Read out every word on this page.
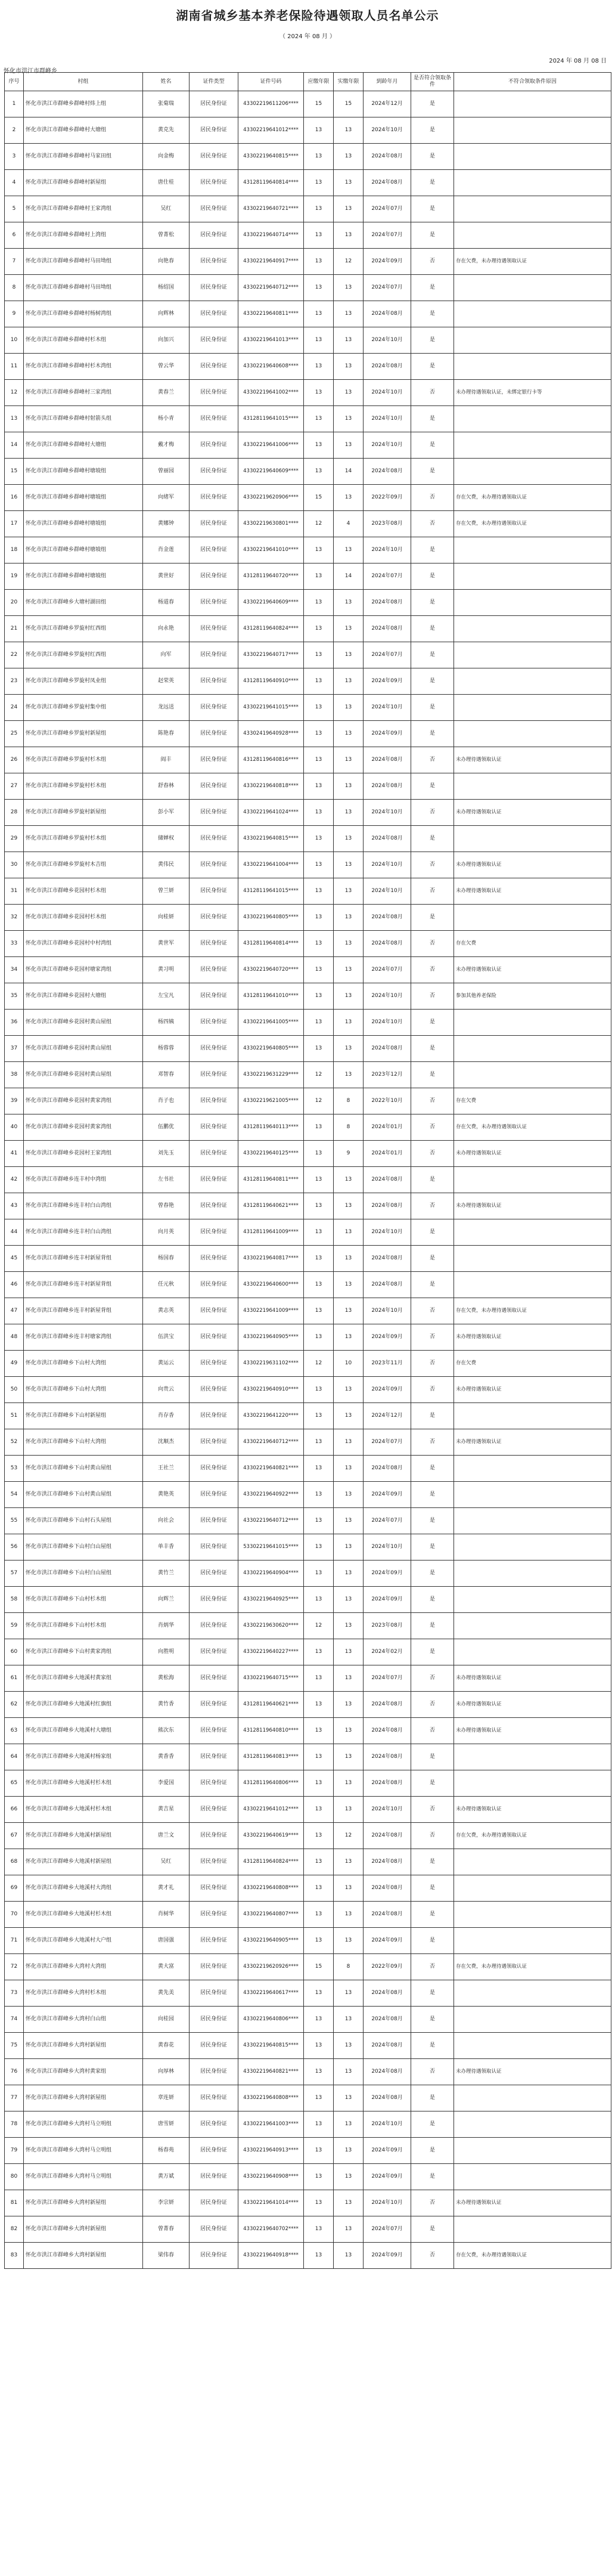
湖南省城乡基本养老保险待遇领取人员名单公示
（ 2024 年 08 月 ）
2024 年 08 月 08 日
怀化市洪江市群峰乡
序号	村组	姓名	证件类型	证件号码	应缴年限	实缴年限	到龄年月	是否符合领取条件	不符合领取条件原因
1	怀化市洪江市群峰乡群峰村炜上组	张菊瑞	居民身份证	43302219611206****	15	15	2024年12月	是	
2	怀化市洪江市群峰乡群峰村大塘组	黄克先	居民身份证	43302219641012****	13	13	2024年10月	是	
3	怀化市洪江市群峰乡群峰村马家田组	向金梅	居民身份证	43302219640815****	13	13	2024年08月	是	
4	怀化市洪江市群峰乡群峰村新屋组	唐仕桂	居民身份证	43128119640814****	13	13	2024年08月	是	
5	怀化市洪江市群峰乡群峰村王家湾组	吴红	居民身份证	43302219640721****	13	13	2024年07月	是	
6	怀化市洪江市群峰乡群峰村上湾组	曾菁松	居民身份证	43302219640714****	13	13	2024年07月	是	
7	怀化市洪江市群峰乡群峰村马田坳组	向艳春	居民身份证	43302219640917****	13	12	2024年09月	否	存在欠费，未办理待遇领取认证
8	怀化市洪江市群峰乡群峰村马田坳组	杨绍国	居民身份证	43302219640712****	13	13	2024年07月	是	
9	怀化市洪江市群峰乡群峰村杨树湾组	向辉林	居民身份证	43302219640811****	13	13	2024年08月	是	
10	怀化市洪江市群峰乡群峰村杉木组	向加兴	居民身份证	43302219641013****	13	13	2024年10月	是	
11	怀化市洪江市群峰乡群峰村杉木湾组	曾云华	居民身份证	43302219640608****	13	13	2024年08月	是	
12	怀化市洪江市群峰乡群峰村三家湾组	黄春兰	居民身份证	43302219641002****	13	13	2024年10月	否	未办理待遇领取认证，未绑定银行卡等
13	怀化市洪江市群峰乡群峰村射箭头组	杨小青	居民身份证	43128119641015****	13	13	2024年10月	是	
14	怀化市洪江市群峰乡群峰村大塘组	戴才梅	居民身份证	43302219641006****	13	13	2024年10月	是	
15	怀化市洪江市群峰乡群峰村塘坡组	曾丽园	居民身份证	43302219640609****	13	14	2024年08月	是	
16	怀化市洪江市群峰乡群峰村塘坡组	向绪军	居民身份证	43302219620906****	15	13	2022年09月	否	存在欠费，未办理待遇领取认证
17	怀化市洪江市群峰乡群峰村塘坡组	黄娜钟	居民身份证	43302219630801****	12	4	2023年08月	否	存在欠费，未办理待遇领取认证
18	怀化市洪江市群峰乡群峰村塘坡组	肖金莲	居民身份证	43302219641010****	13	13	2024年10月	是	
19	怀化市洪江市群峰乡群峰村塘坡组	黄世好	居民身份证	43128119640720****	13	14	2024年07月	是	
20	怀化市洪江市群峰乡大塘村湖田组	杨道春	居民身份证	43302219640609****	13	13	2024年08月	是	
21	怀化市洪江市群峰乡罗旋村红西组	向永艳	居民身份证	43128119640824****	13	13	2024年08月	是	
22	怀化市洪江市群峰乡罗旋村红西组	向军	居民身份证	43302219640717****	13	13	2024年07月	是	
23	怀化市洪江市群峰乡罗旋村凤业组	赵荣英	居民身份证	43128119640910****	13	13	2024年09月	是	
24	怀化市洪江市群峰乡罗旋村集中组	龙远送	居民身份证	43302219641015****	13	13	2024年10月	是	
25	怀化市洪江市群峰乡罗旋村新屋组	陈艳春	居民身份证	43302419640928****	13	13	2024年09月	是	
26	怀化市洪江市群峰乡罗旋村杉木组	阎丰	居民身份证	43128119640816****	13	13	2024年08月	否	未办理待遇领取认证
27	怀化市洪江市群峰乡罗旋村杉木组	舒春林	居民身份证	43302219640818****	13	13	2024年08月	是	
28	怀化市洪江市群峰乡罗旋村新屋组	彭小军	居民身份证	43302219641024****	13	13	2024年10月	否	未办理待遇领取认证
29	怀化市洪江市群峰乡罗旋村杉木组	储婵权	居民身份证	43302219640815****	13	13	2024年08月	是	
30	怀化市洪江市群峰乡罗旋村木吉组	黄伟民	居民身份证	43302219641004****	13	13	2024年10月	否	未办理待遇领取认证
31	怀化市洪江市群峰乡花园村杉木组	曾兰妍	居民身份证	43128119641015****	13	13	2024年10月	否	未办理待遇领取认证
32	怀化市洪江市群峰乡花园村杉木组	向桂妍	居民身份证	43302219640805****	13	13	2024年08月	是	
33	怀化市洪江市群峰乡花园村中村湾组	黄世军	居民身份证	43128119640814****	13	13	2024年08月	否	存在欠费
34	怀化市洪江市群峰乡花园村塘家湾组	黄习明	居民身份证	43302219640720****	13	13	2024年07月	否	未办理待遇领取认证
35	怀化市洪江市群峰乡花园村大塘组	左宝凡	居民身份证	43128119641010****	13	13	2024年10月	否	参加其他养老保险
36	怀化市洪江市群峰乡花园村黄山屋组	杨四姨	居民身份证	43302219641005****	13	13	2024年10月	是	
37	怀化市洪江市群峰乡花园村黄山屋组	杨蓉蓉	居民身份证	43302219640805****	13	13	2024年08月	是	
38	怀化市洪江市群峰乡花园村黄山屋组	邓智春	居民身份证	43302219631229****	12	13	2023年12月	是	
39	怀化市洪江市群峰乡花园村黄家湾组	肖子也	居民身份证	43302219621005****	12	8	2022年10月	否	存在欠费
40	怀化市洪江市群峰乡花园村黄家湾组	伍鹏优	居民身份证	43128119640113****	13	8	2024年01月	否	存在欠费，未办理待遇领取认证
41	怀化市洪江市群峰乡花园村王家湾组	刘先玉	居民身份证	43302219640125****	13	9	2024年01月	否	未办理待遇领取认证
42	怀化市洪江市群峰乡连丰村中湾组	左书社	居民身份证	43128119640811****	13	13	2024年08月	是	
43	怀化市洪江市群峰乡连丰村白山湾组	曾春艳	居民身份证	43128119640621****	13	13	2024年08月	否	未办理待遇领取认证
44	怀化市洪江市群峰乡连丰村白山湾组	向月英	居民身份证	43128119641009****	13	13	2024年10月	是	
45	怀化市洪江市群峰乡连丰村新屋背组	杨国春	居民身份证	43302219640817****	13	13	2024年08月	是	
46	怀化市洪江市群峰乡连丰村新屋背组	任元秋	居民身份证	43302219640600****	13	13	2024年08月	是	
47	怀化市洪江市群峰乡连丰村新屋背组	黄志英	居民身份证	43302219641009****	13	13	2024年10月	否	存在欠费，未办理待遇领取认证
48	怀化市洪江市群峰乡连丰村塘家湾组	伍洪宝	居民身份证	43302219640905****	13	13	2024年09月	否	未办理待遇领取认证
49	怀化市洪江市群峰乡下山村大湾组	黄运云	居民身份证	43302219631102****	12	10	2023年11月	否	存在欠费
50	怀化市洪江市群峰乡下山村大湾组	向贵云	居民身份证	43302219640910****	13	13	2024年09月	否	未办理待遇领取认证
51	怀化市洪江市群峰乡下山村新屋组	肖存香	居民身份证	43302219641220****	13	13	2024年12月	是	
52	怀化市洪江市群峰乡下山村大湾组	沈顺杰	居民身份证	43302219640712****	13	13	2024年07月	否	未办理待遇领取认证
53	怀化市洪江市群峰乡下山村黄山屋组	王社兰	居民身份证	43302219640821****	13	13	2024年08月	是	
54	怀化市洪江市群峰乡下山村黄山屋组	黄艳英	居民身份证	43302219640922****	13	13	2024年09月	是	
55	怀化市洪江市群峰乡下山村石头屋组	向社会	居民身份证	43302219640712****	13	13	2024年07月	是	
56	怀化市洪江市群峰乡下山村白山屋组	单丰香	居民身份证	53302219641015****	13	13	2024年10月	是	
57	怀化市洪江市群峰乡下山村白山屋组	黄竹兰	居民身份证	43302219640904****	13	13	2024年09月	是	
58	怀化市洪江市群峰乡下山村杉木组	向辉兰	居民身份证	43302219640925****	13	13	2024年09月	是	
59	怀化市洪江市群峰乡下山村杉木组	肖炳华	居民身份证	43302219630620****	12	13	2023年08月	是	
60	怀化市洪江市群峰乡下山村黄家湾组	向胜明	居民身份证	43302219640227****	13	13	2024年02月	是	
61	怀化市洪江市群峰乡大地溪村黄家组	黄松海	居民身份证	43302219640715****	13	13	2024年07月	否	未办理待遇领取认证
62	怀化市洪江市群峰乡大地溪村红旗组	黄竹香	居民身份证	43128119640621****	13	13	2024年08月	否	未办理待遇领取认证
63	怀化市洪江市群峰乡大地溪村大塘组	熊次东	居民身份证	43128119640810****	13	13	2024年08月	否	未办理待遇领取认证
64	怀化市洪江市群峰乡大地溪村杨家组	黄香香	居民身份证	43128119640813****	13	13	2024年08月	是	
65	怀化市洪江市群峰乡大地溪村杉木组	李爱国	居民身份证	43128119640806****	13	13	2024年08月	是	
66	怀化市洪江市群峰乡大地溪村杉木组	黄吉星	居民身份证	43302219641012****	13	13	2024年10月	否	未办理待遇领取认证
67	怀化市洪江市群峰乡大地溪村新屋组	唐兰文	居民身份证	43302219640619****	13	12	2024年08月	否	存在欠费，未办理待遇领取认证
68	怀化市洪江市群峰乡大地溪村新屋组	吴红	居民身份证	43128119640824****	13	13	2024年08月	是	
69	怀化市洪江市群峰乡大地溪村大湾组	黄才礼	居民身份证	43302219640808****	13	13	2024年08月	是	
70	怀化市洪江市群峰乡大地溪村杉木组	肖树华	居民身份证	43302219640807****	13	13	2024年08月	是	
71	怀化市洪江市群峰乡大地溪村大户组	唐国强	居民身份证	43302219640905****	13	13	2024年09月	是	
72	怀化市洪江市群峰乡大湾村大湾组	黄大富	居民身份证	43302219620926****	15	8	2022年09月	否	存在欠费，未办理待遇领取认证
73	怀化市洪江市群峰乡大湾村杉木组	黄先美	居民身份证	43302219640617****	13	13	2024年08月	是	
74	怀化市洪江市群峰乡大湾村白山组	向桂园	居民身份证	43302219640806****	13	13	2024年08月	是	
75	怀化市洪江市群峰乡大湾村新屋组	黄春花	居民身份证	43302219640815****	13	13	2024年08月	是	
76	怀化市洪江市群峰乡大湾村黄家组	向厚林	居民身份证	43302219640821****	13	13	2024年08月	否	未办理待遇领取认证
77	怀化市洪江市群峰乡大湾村新屋组	章连妍	居民身份证	43302219640808****	13	13	2024年08月	是	
78	怀化市洪江市群峰乡大湾村马立明组	唐雪妍	居民身份证	43302219641003****	13	13	2024年10月	是	
79	怀化市洪江市群峰乡大湾村马立明组	杨春苑	居民身份证	43302219640913****	13	13	2024年09月	是	
80	怀化市洪江市群峰乡大湾村马立明组	黄万斌	居民身份证	43302219640908****	13	13	2024年09月	是	
81	怀化市洪江市群峰乡大湾村新屋组	李宗妍	居民身份证	43302219641014****	13	13	2024年10月	否	未办理待遇领取认证
82	怀化市洪江市群峰乡大湾村新屋组	曾菁春	居民身份证	43302219640702****	13	13	2024年07月	是	
83	怀化市洪江市群峰乡大湾村新屋组	梁伟春	居民身份证	43302219640918****	13	13	2024年09月	否	存在欠费，未办理待遇领取认证
